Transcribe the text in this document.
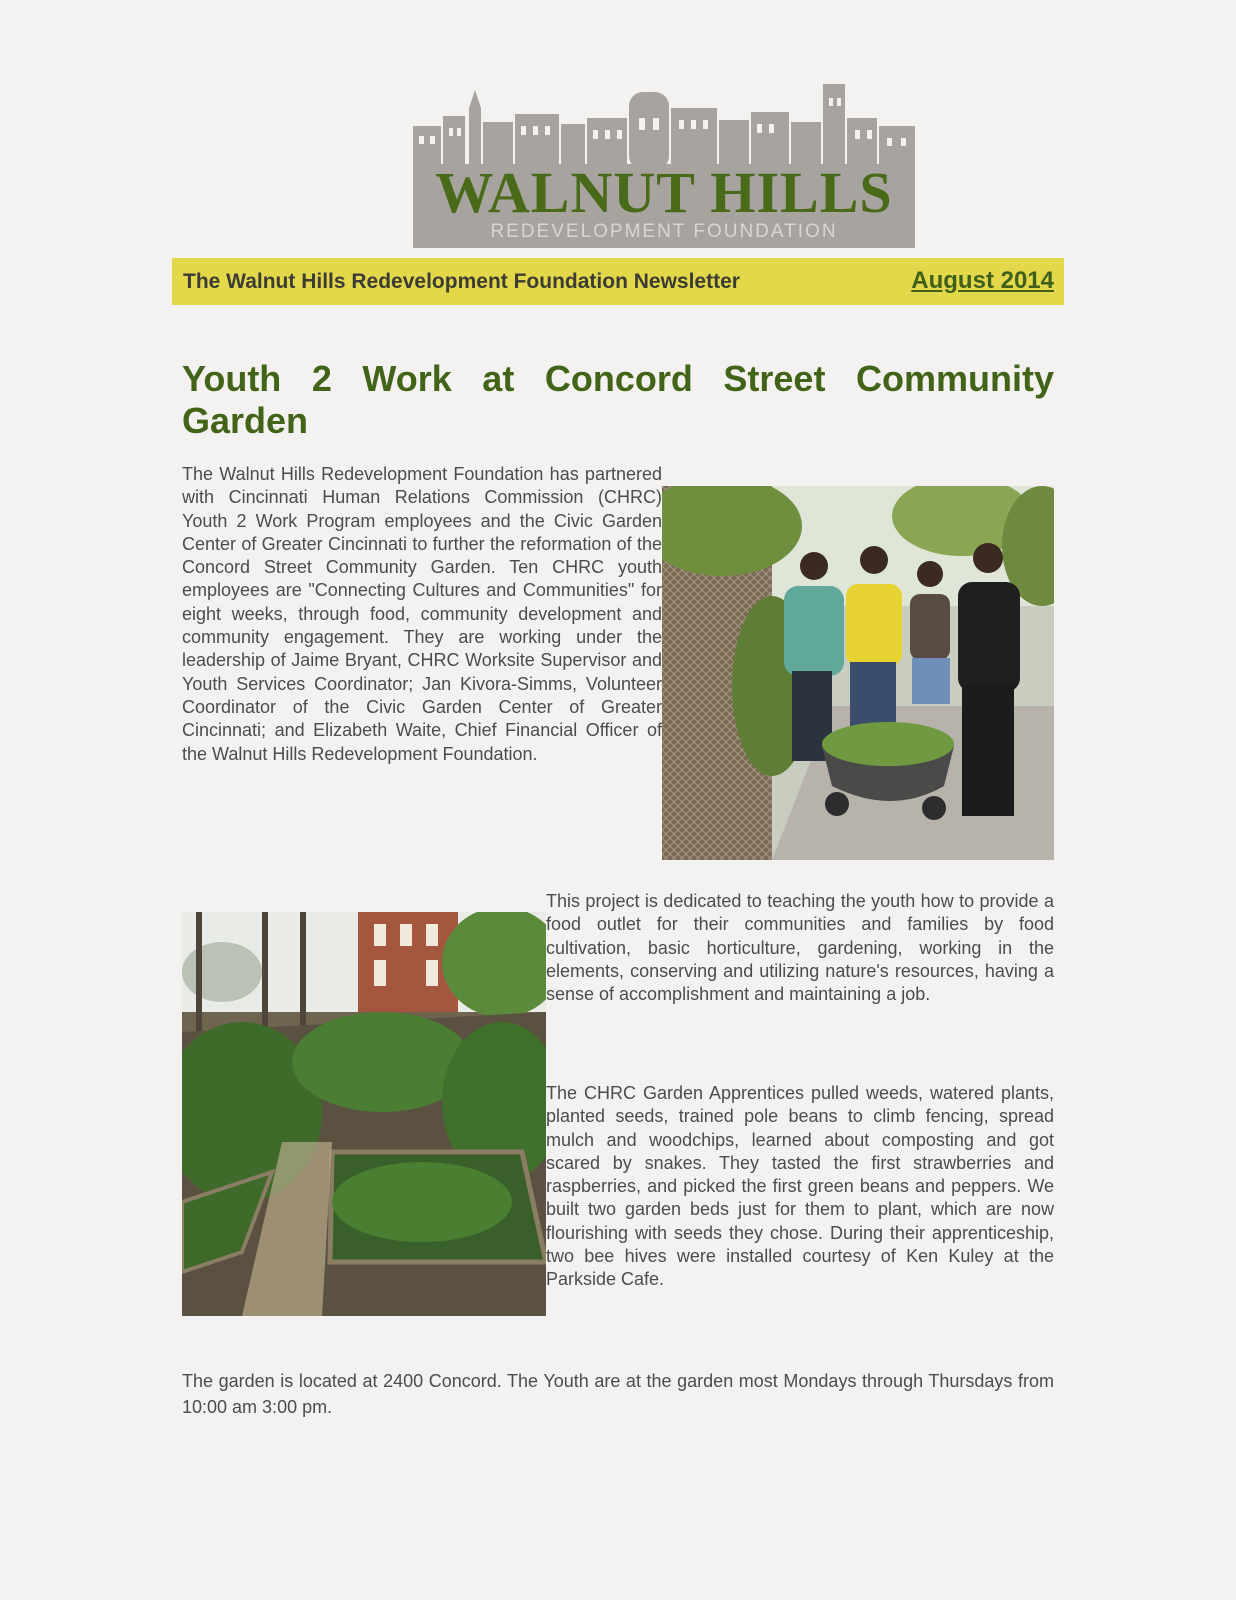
WALNUT HILLS
REDEVELOPMENT FOUNDATION
The Walnut Hills Redevelopment Foundation Newsletter	August 2014
Youth 2 Work at Concord Street Community Garden

The Walnut Hills Redevelopment Foundation has partnered with Cincinnati Human Relations Commission (CHRC) Youth 2 Work Program employees and the Civic Garden Center of Greater Cincinnati to further the reformation of the Concord Street Community Garden. Ten CHRC youth employees are "Connecting Cultures and Communities" for eight weeks, through food, community development and community engagement. They are working under the leadership of Jaime Bryant, CHRC Worksite Supervisor and Youth Services Coordinator; Jan Kivora-Simms, Volunteer Coordinator of the Civic Garden Center of Greater Cincinnati; and Elizabeth Waite, Chief Financial Officer of the Walnut Hills Redevelopment Foundation.

This project is dedicated to teaching the youth how to provide a food outlet for their communities and families by food cultivation, basic horticulture, gardening, working in the elements, conserving and utilizing nature's resources, having a sense of accomplishment and maintaining a job.

The CHRC Garden Apprentices pulled weeds, watered plants, planted seeds, trained pole beans to climb fencing, spread mulch and woodchips, learned about composting and got scared by snakes. They tasted the first strawberries and raspberries, and picked the first green beans and peppers. We built two garden beds just for them to plant, which are now flourishing with seeds they chose. During their apprenticeship, two bee hives were installed courtesy of Ken Kuley at the Parkside Cafe.

The garden is located at 2400 Concord. The Youth are at the garden most Mondays through Thursdays from 10:00 am 3:00 pm.
